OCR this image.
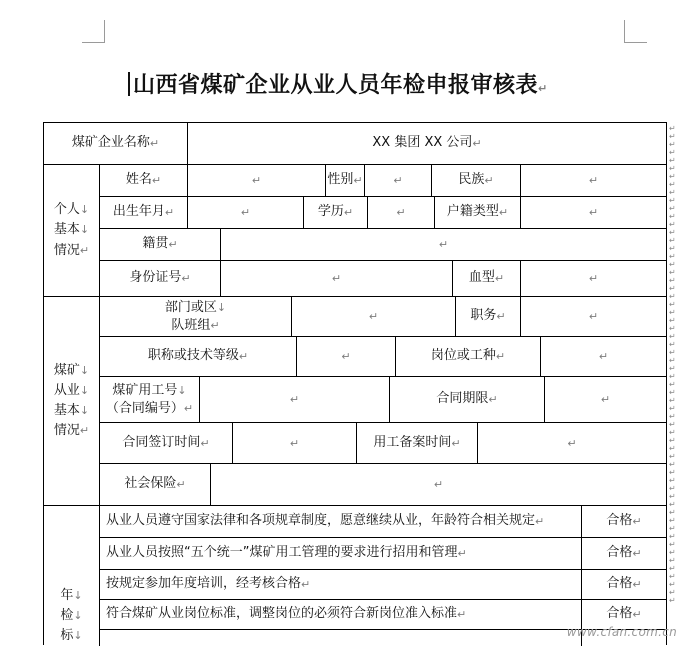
山西省煤矿企业从业人员年检申报审核表↵
煤矿企业名称 ↵	XX 集团 XX 公司 ↵
个人↓
基本↓
情况↵
姓名 ↵	↵	性别 ↵	↵	民族 ↵	↵
出生年月 ↵	↵	学历 ↵	↵	户籍类型 ↵	↵
籍贯 ↵	↵
身份证号 ↵	↵	血型 ↵	↵
煤矿↓
从业↓
基本↓
情况↵
部门或区↓
队班组↵
↵	职务 ↵	↵
职称或技术等级 ↵	↵	岗位或工种 ↵	↵
煤矿用工号↓
（合同编号）↵
↵	合同期限 ↵	↵
合同签订时间 ↵	↵	用工备案时间 ↵	↵
社会保险 ↵	↵
年↓
检↓
标↓
从业人员遵守国家法律和各项规章制度，愿意继续从业，年龄符合相关规定 ↵	合格 ↵
从业人员按照“五个统一”煤矿用工管理的要求进行招用和管理 ↵	合格 ↵
按规定参加年度培训，经考核合格 ↵	合格 ↵
符合煤矿从业岗位标准，调整岗位的必须符合新岗位准入标准 ↵	合格 ↵
↵
↵
↵
↵
↵
↵
↵
↵
↵
↵
↵
↵
↵
↵
↵
↵
↵
↵
↵
↵
↵
↵
↵
↵
↵
↵
↵
↵
↵
↵
↵
↵
↵
↵
↵
↵
↵
↵
↵
↵
↵
↵
↵
↵
↵
↵
↵
↵
↵
↵
↵
↵
↵
↵
↵
↵
↵
↵
↵
↵
www.cfan.com.cn
